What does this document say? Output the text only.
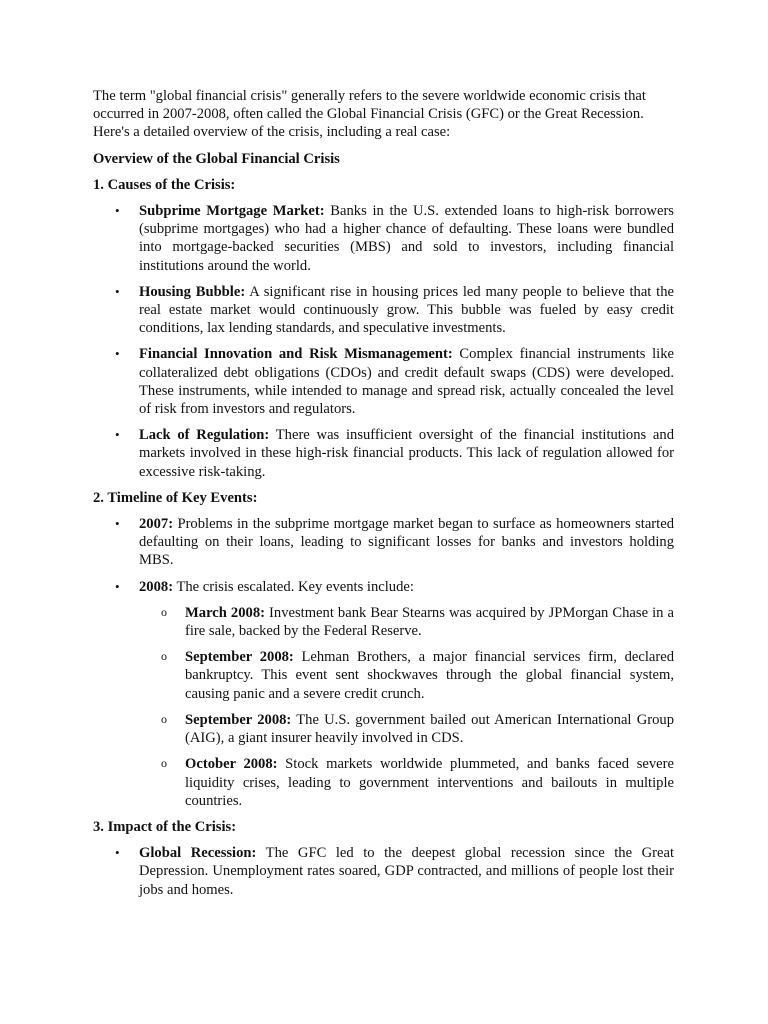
The term "global financial crisis" generally refers to the severe worldwide economic crisis that occurred in 2007-2008, often called the Global Financial Crisis (GFC) or the Great Recession. Here's a detailed overview of the crisis, including a real case:

Overview of the Global Financial Crisis

1. Causes of the Crisis:

• Subprime Mortgage Market: Banks in the U.S. extended loans to high-risk borrowers (subprime mortgages) who had a higher chance of defaulting. These loans were bundled into mortgage-backed securities (MBS) and sold to investors, including financial institutions around the world.
• Housing Bubble: A significant rise in housing prices led many people to believe that the real estate market would continuously grow. This bubble was fueled by easy credit conditions, lax lending standards, and speculative investments.
• Financial Innovation and Risk Mismanagement: Complex financial instruments like collateralized debt obligations (CDOs) and credit default swaps (CDS) were developed. These instruments, while intended to manage and spread risk, actually concealed the level of risk from investors and regulators.
• Lack of Regulation: There was insufficient oversight of the financial institutions and markets involved in these high-risk financial products. This lack of regulation allowed for excessive risk-taking.

2. Timeline of Key Events:

• 2007: Problems in the subprime mortgage market began to surface as homeowners started defaulting on their loans, leading to significant losses for banks and investors holding MBS.
• 2008: The crisis escalated. Key events include:
o March 2008: Investment bank Bear Stearns was acquired by JPMorgan Chase in a fire sale, backed by the Federal Reserve.
o September 2008: Lehman Brothers, a major financial services firm, declared bankruptcy. This event sent shockwaves through the global financial system, causing panic and a severe credit crunch.
o September 2008: The U.S. government bailed out American International Group (AIG), a giant insurer heavily involved in CDS.
o October 2008: Stock markets worldwide plummeted, and banks faced severe liquidity crises, leading to government interventions and bailouts in multiple countries.

3. Impact of the Crisis:

• Global Recession: The GFC led to the deepest global recession since the Great Depression. Unemployment rates soared, GDP contracted, and millions of people lost their jobs and homes.
